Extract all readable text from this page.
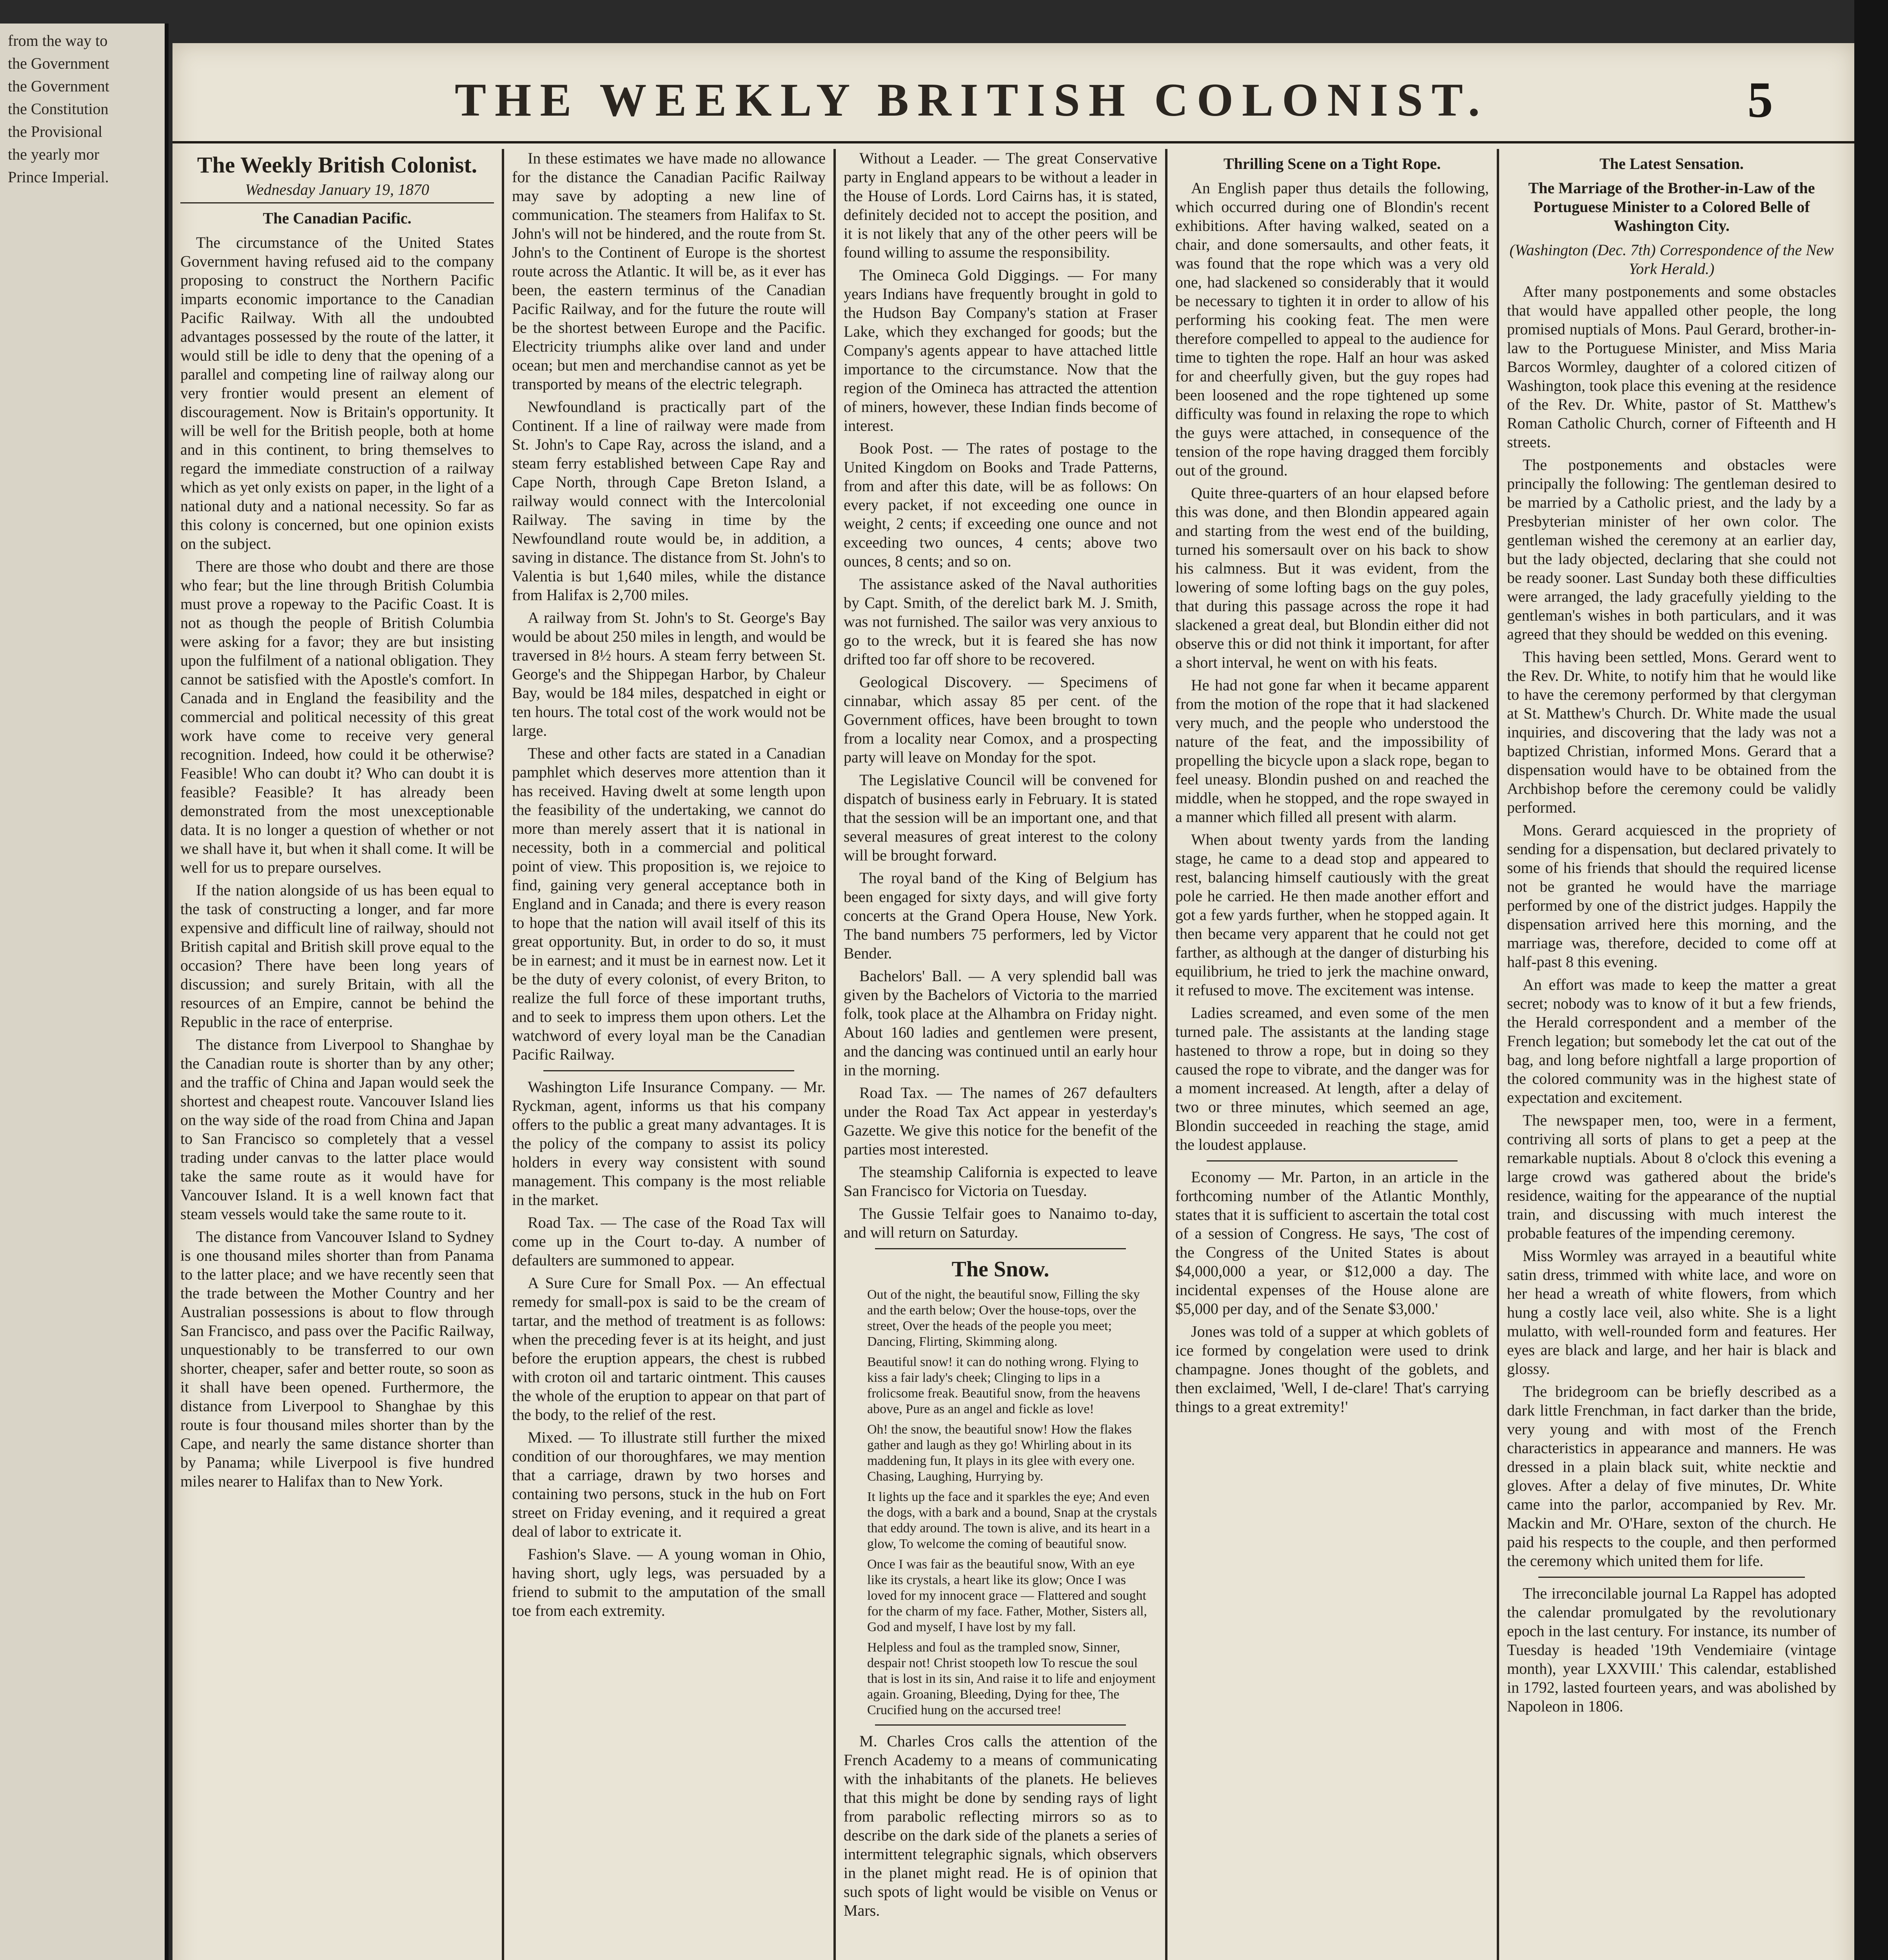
from the way to

the Government

the Government

the Constitution

the Provisional

the yearly mor

Prince Imperial.

THE WEEKLY BRITISH COLONIST.	5
The Weekly British Colonist.
Wednesday January 19, 1870

The Canadian Pacific.

The circumstance of the United States Government having refused aid to the company proposing to construct the Northern Pacific imparts economic importance to the Canadian Pacific Railway. With all the undoubted advantages possessed by the route of the latter, it would still be idle to deny that the opening of a parallel and competing line of railway along our very frontier would present an element of discouragement. Now is Britain's opportunity. It will be well for the British people, both at home and in this continent, to bring themselves to regard the immediate construction of a railway which as yet only exists on paper, in the light of a national duty and a national necessity. So far as this colony is concerned, but one opinion exists on the subject.

There are those who doubt and there are those who fear; but the line through British Columbia must prove a ropeway to the Pacific Coast. It is not as though the people of British Columbia were asking for a favor; they are but insisting upon the fulfilment of a national obligation. They cannot be satisfied with the Apostle's comfort. In Canada and in England the feasibility and the commercial and political necessity of this great work have come to receive very general recognition. Indeed, how could it be otherwise? Feasible! Who can doubt it? Who can doubt it is feasible? Feasible? It has already been demonstrated from the most unexceptionable data. It is no longer a question of whether or not we shall have it, but when it shall come. It will be well for us to prepare ourselves.

If the nation alongside of us has been equal to the task of constructing a longer, and far more expensive and difficult line of railway, should not British capital and British skill prove equal to the occasion? There have been long years of discussion; and surely Britain, with all the resources of an Empire, cannot be behind the Republic in the race of enterprise.

The distance from Liverpool to Shanghae by the Canadian route is shorter than by any other; and the traffic of China and Japan would seek the shortest and cheapest route. Vancouver Island lies on the way side of the road from China and Japan to San Francisco so completely that a vessel trading under canvas to the latter place would take the same route as it would have for Vancouver Island. It is a well known fact that steam vessels would take the same route to it.

The distance from Vancouver Island to Sydney is one thousand miles shorter than from Panama to the latter place; and we have recently seen that the trade between the Mother Country and her Australian possessions is about to flow through San Francisco, and pass over the Pacific Railway, unquestionably to be transferred to our own shorter, cheaper, safer and better route, so soon as it shall have been opened. Furthermore, the distance from Liverpool to Shanghae by this route is four thousand miles shorter than by the Cape, and nearly the same distance shorter than by Panama; while Liverpool is five hundred miles nearer to Halifax than to New York.

In these estimates we have made no allowance for the distance the Canadian Pacific Railway may save by adopting a new line of communication. The steamers from Halifax to St. John's will not be hindered, and the route from St. John's to the Continent of Europe is the shortest route across the Atlantic. It will be, as it ever has been, the eastern terminus of the Canadian Pacific Railway, and for the future the route will be the shortest between Europe and the Pacific. Electricity triumphs alike over land and under ocean; but men and merchandise cannot as yet be transported by means of the electric telegraph.

Newfoundland is practically part of the Continent. If a line of railway were made from St. John's to Cape Ray, across the island, and a steam ferry established between Cape Ray and Cape North, through Cape Breton Island, a railway would connect with the Intercolonial Railway. The saving in time by the Newfoundland route would be, in addition, a saving in distance. The distance from St. John's to Valentia is but 1,640 miles, while the distance from Halifax is 2,700 miles.

A railway from St. John's to St. George's Bay would be about 250 miles in length, and would be traversed in 8½ hours. A steam ferry between St. George's and the Shippegan Harbor, by Chaleur Bay, would be 184 miles, despatched in eight or ten hours. The total cost of the work would not be large.

These and other facts are stated in a Canadian pamphlet which deserves more attention than it has received. Having dwelt at some length upon the feasibility of the undertaking, we cannot do more than merely assert that it is national in necessity, both in a commercial and political point of view. This proposition is, we rejoice to find, gaining very general acceptance both in England and in Canada; and there is every reason to hope that the nation will avail itself of this its great opportunity. But, in order to do so, it must be in earnest; and it must be in earnest now. Let it be the duty of every colonist, of every Briton, to realize the full force of these important truths, and to seek to impress them upon others. Let the watchword of every loyal man be the Canadian Pacific Railway.

Washington Life Insurance Company. — Mr. Ryckman, agent, informs us that his company offers to the public a great many advantages. It is the policy of the company to assist its policy holders in every way consistent with sound management. This company is the most reliable in the market.

Road Tax. — The case of the Road Tax will come up in the Court to-day. A number of defaulters are summoned to appear.

A Sure Cure for Small Pox. — An effectual remedy for small-pox is said to be the cream of tartar, and the method of treatment is as follows: when the preceding fever is at its height, and just before the eruption appears, the chest is rubbed with croton oil and tartaric ointment. This causes the whole of the eruption to appear on that part of the body, to the relief of the rest.

Mixed. — To illustrate still further the mixed condition of our thoroughfares, we may mention that a carriage, drawn by two horses and containing two persons, stuck in the hub on Fort street on Friday evening, and it required a great deal of labor to extricate it.

Fashion's Slave. — A young woman in Ohio, having short, ugly legs, was persuaded by a friend to submit to the amputation of the small toe from each extremity.

Without a Leader. — The great Conservative party in England appears to be without a leader in the House of Lords. Lord Cairns has, it is stated, definitely decided not to accept the position, and it is not likely that any of the other peers will be found willing to assume the responsibility.

The Omineca Gold Diggings. — For many years Indians have frequently brought in gold to the Hudson Bay Company's station at Fraser Lake, which they exchanged for goods; but the Company's agents appear to have attached little importance to the circumstance. Now that the region of the Omineca has attracted the attention of miners, however, these Indian finds become of interest.

Book Post. — The rates of postage to the United Kingdom on Books and Trade Patterns, from and after this date, will be as follows: On every packet, if not exceeding one ounce in weight, 2 cents; if exceeding one ounce and not exceeding two ounces, 4 cents; above two ounces, 8 cents; and so on.

The assistance asked of the Naval authorities by Capt. Smith, of the derelict bark M. J. Smith, was not furnished. The sailor was very anxious to go to the wreck, but it is feared she has now drifted too far off shore to be recovered.

Geological Discovery. — Specimens of cinnabar, which assay 85 per cent. of the Government offices, have been brought to town from a locality near Comox, and a prospecting party will leave on Monday for the spot.

The Legislative Council will be convened for dispatch of business early in February. It is stated that the session will be an important one, and that several measures of great interest to the colony will be brought forward.

The royal band of the King of Belgium has been engaged for sixty days, and will give forty concerts at the Grand Opera House, New York. The band numbers 75 performers, led by Victor Bender.

Bachelors' Ball. — A very splendid ball was given by the Bachelors of Victoria to the married folk, took place at the Alhambra on Friday night. About 160 ladies and gentlemen were present, and the dancing was continued until an early hour in the morning.

Road Tax. — The names of 267 defaulters under the Road Tax Act appear in yesterday's Gazette. We give this notice for the benefit of the parties most interested.

The steamship California is expected to leave San Francisco for Victoria on Tuesday.

The Gussie Telfair goes to Nanaimo to-day, and will return on Saturday.

The Snow.

Out of the night, the beautiful snow, Filling the sky and the earth below; Over the house-tops, over the street, Over the heads of the people you meet; Dancing, Flirting, Skimming along.

Beautiful snow! it can do nothing wrong. Flying to kiss a fair lady's cheek; Clinging to lips in a frolicsome freak. Beautiful snow, from the heavens above, Pure as an angel and fickle as love!

Oh! the snow, the beautiful snow! How the flakes gather and laugh as they go! Whirling about in its maddening fun, It plays in its glee with every one. Chasing, Laughing, Hurrying by.

It lights up the face and it sparkles the eye; And even the dogs, with a bark and a bound, Snap at the crystals that eddy around. The town is alive, and its heart in a glow, To welcome the coming of beautiful snow.

Once I was fair as the beautiful snow, With an eye like its crystals, a heart like its glow; Once I was loved for my innocent grace — Flattered and sought for the charm of my face. Father, Mother, Sisters all, God and myself, I have lost by my fall.

Helpless and foul as the trampled snow, Sinner, despair not! Christ stoopeth low To rescue the soul that is lost in its sin, And raise it to life and enjoyment again. Groaning, Bleeding, Dying for thee, The Crucified hung on the accursed tree!

M. Charles Cros calls the attention of the French Academy to a means of communicating with the inhabitants of the planets. He believes that this might be done by sending rays of light from parabolic reflecting mirrors so as to describe on the dark side of the planets a series of intermittent telegraphic signals, which observers in the planet might read. He is of opinion that such spots of light would be visible on Venus or Mars.

Thrilling Scene on a Tight Rope.

An English paper thus details the following, which occurred during one of Blondin's recent exhibitions. After having walked, seated on a chair, and done somersaults, and other feats, it was found that the rope which was a very old one, had slackened so considerably that it would be necessary to tighten it in order to allow of his performing his cooking feat. The men were therefore compelled to appeal to the audience for time to tighten the rope. Half an hour was asked for and cheerfully given, but the guy ropes had been loosened and the rope tightened up some difficulty was found in relaxing the rope to which the guys were attached, in consequence of the tension of the rope having dragged them forcibly out of the ground.

Quite three-quarters of an hour elapsed before this was done, and then Blondin appeared again and starting from the west end of the building, turned his somersault over on his back to show his calmness. But it was evident, from the lowering of some lofting bags on the guy poles, that during this passage across the rope it had slackened a great deal, but Blondin either did not observe this or did not think it important, for after a short interval, he went on with his feats.

He had not gone far when it became apparent from the motion of the rope that it had slackened very much, and the people who understood the nature of the feat, and the impossibility of propelling the bicycle upon a slack rope, began to feel uneasy. Blondin pushed on and reached the middle, when he stopped, and the rope swayed in a manner which filled all present with alarm.

When about twenty yards from the landing stage, he came to a dead stop and appeared to rest, balancing himself cautiously with the great pole he carried. He then made another effort and got a few yards further, when he stopped again. It then became very apparent that he could not get farther, as although at the danger of disturbing his equilibrium, he tried to jerk the machine onward, it refused to move. The excitement was intense.

Ladies screamed, and even some of the men turned pale. The assistants at the landing stage hastened to throw a rope, but in doing so they caused the rope to vibrate, and the danger was for a moment increased. At length, after a delay of two or three minutes, which seemed an age, Blondin succeeded in reaching the stage, amid the loudest applause.

Economy — Mr. Parton, in an article in the forthcoming number of the Atlantic Monthly, states that it is sufficient to ascertain the total cost of a session of Congress. He says, 'The cost of the Congress of the United States is about $4,000,000 a year, or $12,000 a day. The incidental expenses of the House alone are $5,000 per day, and of the Senate $3,000.'

Jones was told of a supper at which goblets of ice formed by congelation were used to drink champagne. Jones thought of the goblets, and then exclaimed, 'Well, I de-clare! That's carrying things to a great extremity!'

The Latest Sensation.

The Marriage of the Brother-in-Law of the Portuguese Minister to a Colored Belle of Washington City.

(Washington (Dec. 7th) Correspondence of the New York Herald.)

After many postponements and some obstacles that would have appalled other people, the long promised nuptials of Mons. Paul Gerard, brother-in-law to the Portuguese Minister, and Miss Maria Barcos Wormley, daughter of a colored citizen of Washington, took place this evening at the residence of the Rev. Dr. White, pastor of St. Matthew's Roman Catholic Church, corner of Fifteenth and H streets.

The postponements and obstacles were principally the following: The gentleman desired to be married by a Catholic priest, and the lady by a Presbyterian minister of her own color. The gentleman wished the ceremony at an earlier day, but the lady objected, declaring that she could not be ready sooner. Last Sunday both these difficulties were arranged, the lady gracefully yielding to the gentleman's wishes in both particulars, and it was agreed that they should be wedded on this evening.

This having been settled, Mons. Gerard went to the Rev. Dr. White, to notify him that he would like to have the ceremony performed by that clergyman at St. Matthew's Church. Dr. White made the usual inquiries, and discovering that the lady was not a baptized Christian, informed Mons. Gerard that a dispensation would have to be obtained from the Archbishop before the ceremony could be validly performed.

Mons. Gerard acquiesced in the propriety of sending for a dispensation, but declared privately to some of his friends that should the required license not be granted he would have the marriage performed by one of the district judges. Happily the dispensation arrived here this morning, and the marriage was, therefore, decided to come off at half-past 8 this evening.

An effort was made to keep the matter a great secret; nobody was to know of it but a few friends, the Herald correspondent and a member of the French legation; but somebody let the cat out of the bag, and long before nightfall a large proportion of the colored community was in the highest state of expectation and excitement.

The newspaper men, too, were in a ferment, contriving all sorts of plans to get a peep at the remarkable nuptials. About 8 o'clock this evening a large crowd was gathered about the bride's residence, waiting for the appearance of the nuptial train, and discussing with much interest the probable features of the impending ceremony.

Miss Wormley was arrayed in a beautiful white satin dress, trimmed with white lace, and wore on her head a wreath of white flowers, from which hung a costly lace veil, also white. She is a light mulatto, with well-rounded form and features. Her eyes are black and large, and her hair is black and glossy.

The bridegroom can be briefly described as a dark little Frenchman, in fact darker than the bride, very young and with most of the French characteristics in appearance and manners. He was dressed in a plain black suit, white necktie and gloves. After a delay of five minutes, Dr. White came into the parlor, accompanied by Rev. Mr. Mackin and Mr. O'Hare, sexton of the church. He paid his respects to the couple, and then performed the ceremony which united them for life.

The irreconcilable journal La Rappel has adopted the calendar promulgated by the revolutionary epoch in the last century. For instance, its number of Tuesday is headed '19th Vendemiaire (vintage month), year LXXVIII.' This calendar, established in 1792, lasted fourteen years, and was abolished by Napoleon in 1806.
